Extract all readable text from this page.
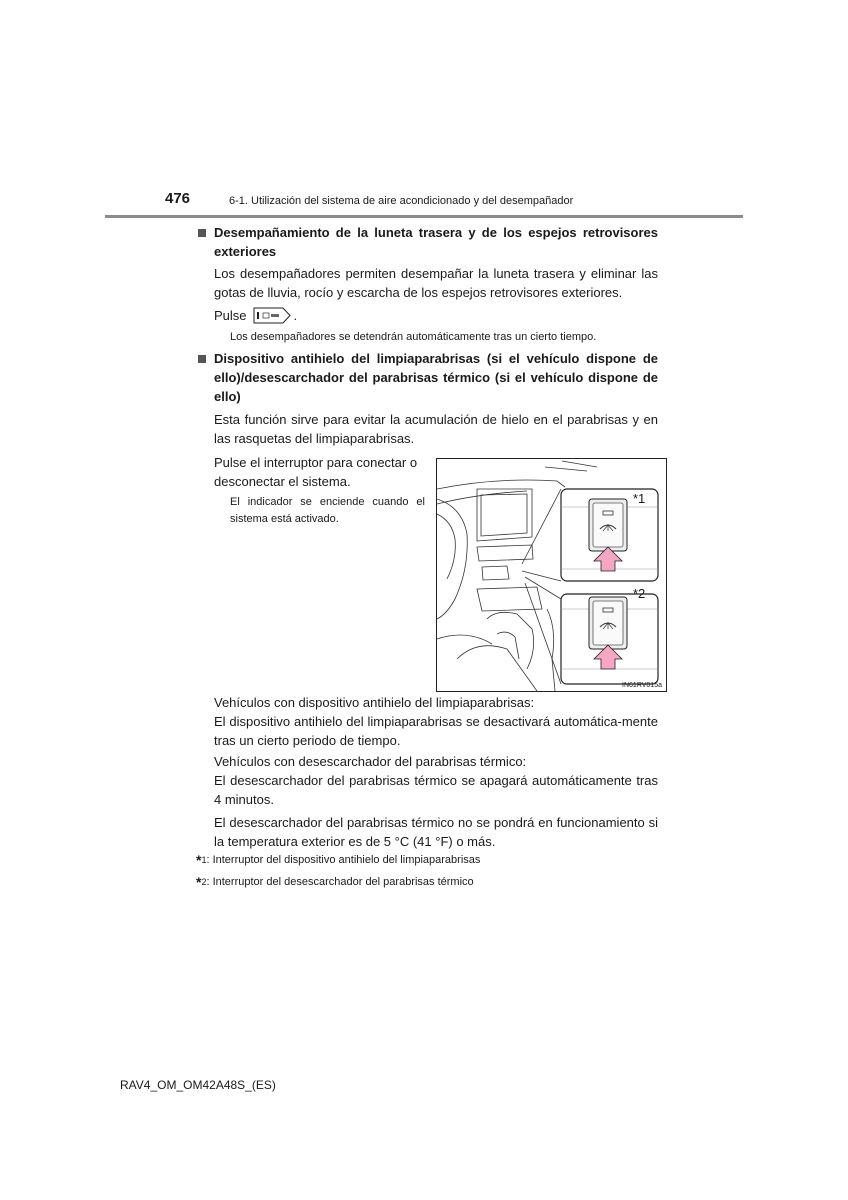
476	6-1. Utilización del sistema de aire acondicionado y del desempañador
Desempañamiento de la luneta trasera y de los espejos retrovisores exteriores
Los desempañadores permiten desempañar la luneta trasera y eliminar las gotas de lluvia, rocío y escarcha de los espejos retrovisores exteriores.
Pulse	.
Los desempañadores se detendrán automáticamente tras un cierto tiempo.
Dispositivo antihielo del limpiaparabrisas (si el vehículo dispone de ello)/desescarchador del parabrisas térmico (si el vehículo dispone de ello)
Esta función sirve para evitar la acumulación de hielo en el parabrisas y en las rasquetas del limpiaparabrisas.
Pulse el interruptor para conectar o desconectar el sistema.
El indicador se enciende cuando el sistema está activado.
*1
*2
IN61RV015a
Vehículos con dispositivo antihielo del limpiaparabrisas:
El dispositivo antihielo del limpiaparabrisas se desactivará automática-mente tras un cierto periodo de tiempo.
Vehículos con desescarchador del parabrisas térmico:
El desescarchador del parabrisas térmico se apagará automáticamente tras 4 minutos.
El desescarchador del parabrisas térmico no se pondrá en funcionamiento si la temperatura exterior es de 5 °C (41 °F) o más.
*$^1$: Interruptor del dispositivo antihielo del limpiaparabrisas
*$^2$: Interruptor del desescarchador del parabrisas térmico
RAV4_OM_OM42A48S_(ES)
